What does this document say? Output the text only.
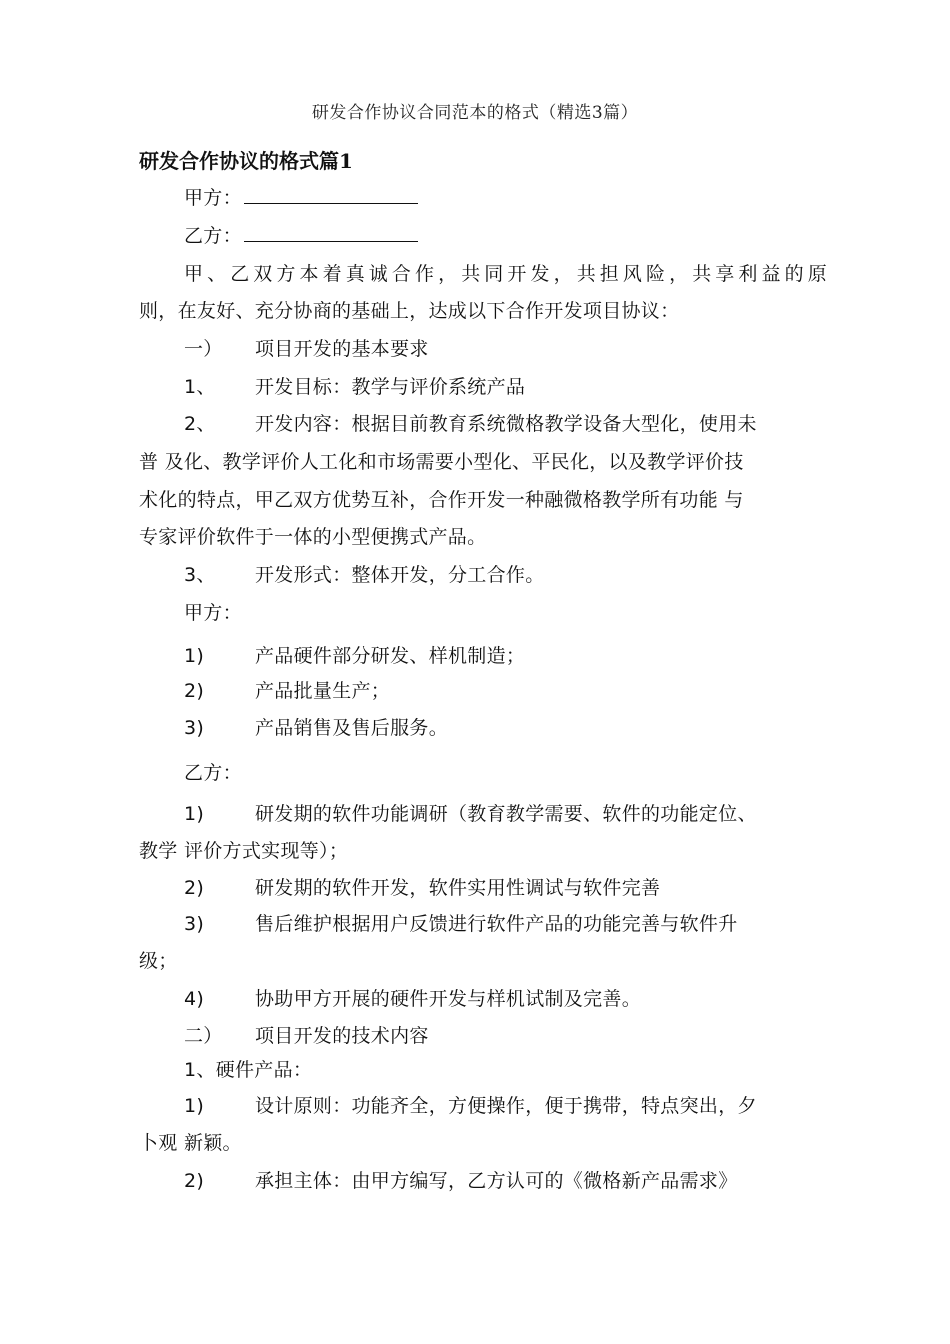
研发合作协议合同范本的格式（精选3篇）
研发合作协议的格式篇1
甲方：
乙方：
甲、乙双方本着真诚合作，共同开发，共担风险，共享利益的原
则，在友好、充分协商的基础上，达成以下合作开发项目协议：
一） 项目开发的基本要求
1、 开发目标：教学与评价系统产品
2、 开发内容：根据目前教育系统微格教学设备大型化，使用未
普 及化、教学评价人工化和市场需要小型化、平民化，以及教学评价技
术化的特点，甲乙双方优势互补，合作开发一种融微格教学所有功能 与
专家评价软件于一体的小型便携式产品。
3、 开发形式：整体开发，分工合作。
甲方：
1)	产品硬件部分研发、样机制造；
2)	产品批量生产；
3)	产品销售及售后服务。
乙方：
1)	研发期的软件功能调研（教育教学需要、软件的功能定位、
教学 评价方式实现等）；
2)	研发期的软件开发，软件实用性调试与软件完善
3)	售后维护根据用户反馈进行软件产品的功能完善与软件升
级；
4)	协助甲方开展的硬件开发与样机试制及完善。
二） 项目开发的技术内容
1、硬件产品：
1)	设计原则：功能齐全，方便操作，便于携带，特点突出，夕
卜观 新颖。
2)	承担主体：由甲方编写，乙方认可的《微格新产品需求》
